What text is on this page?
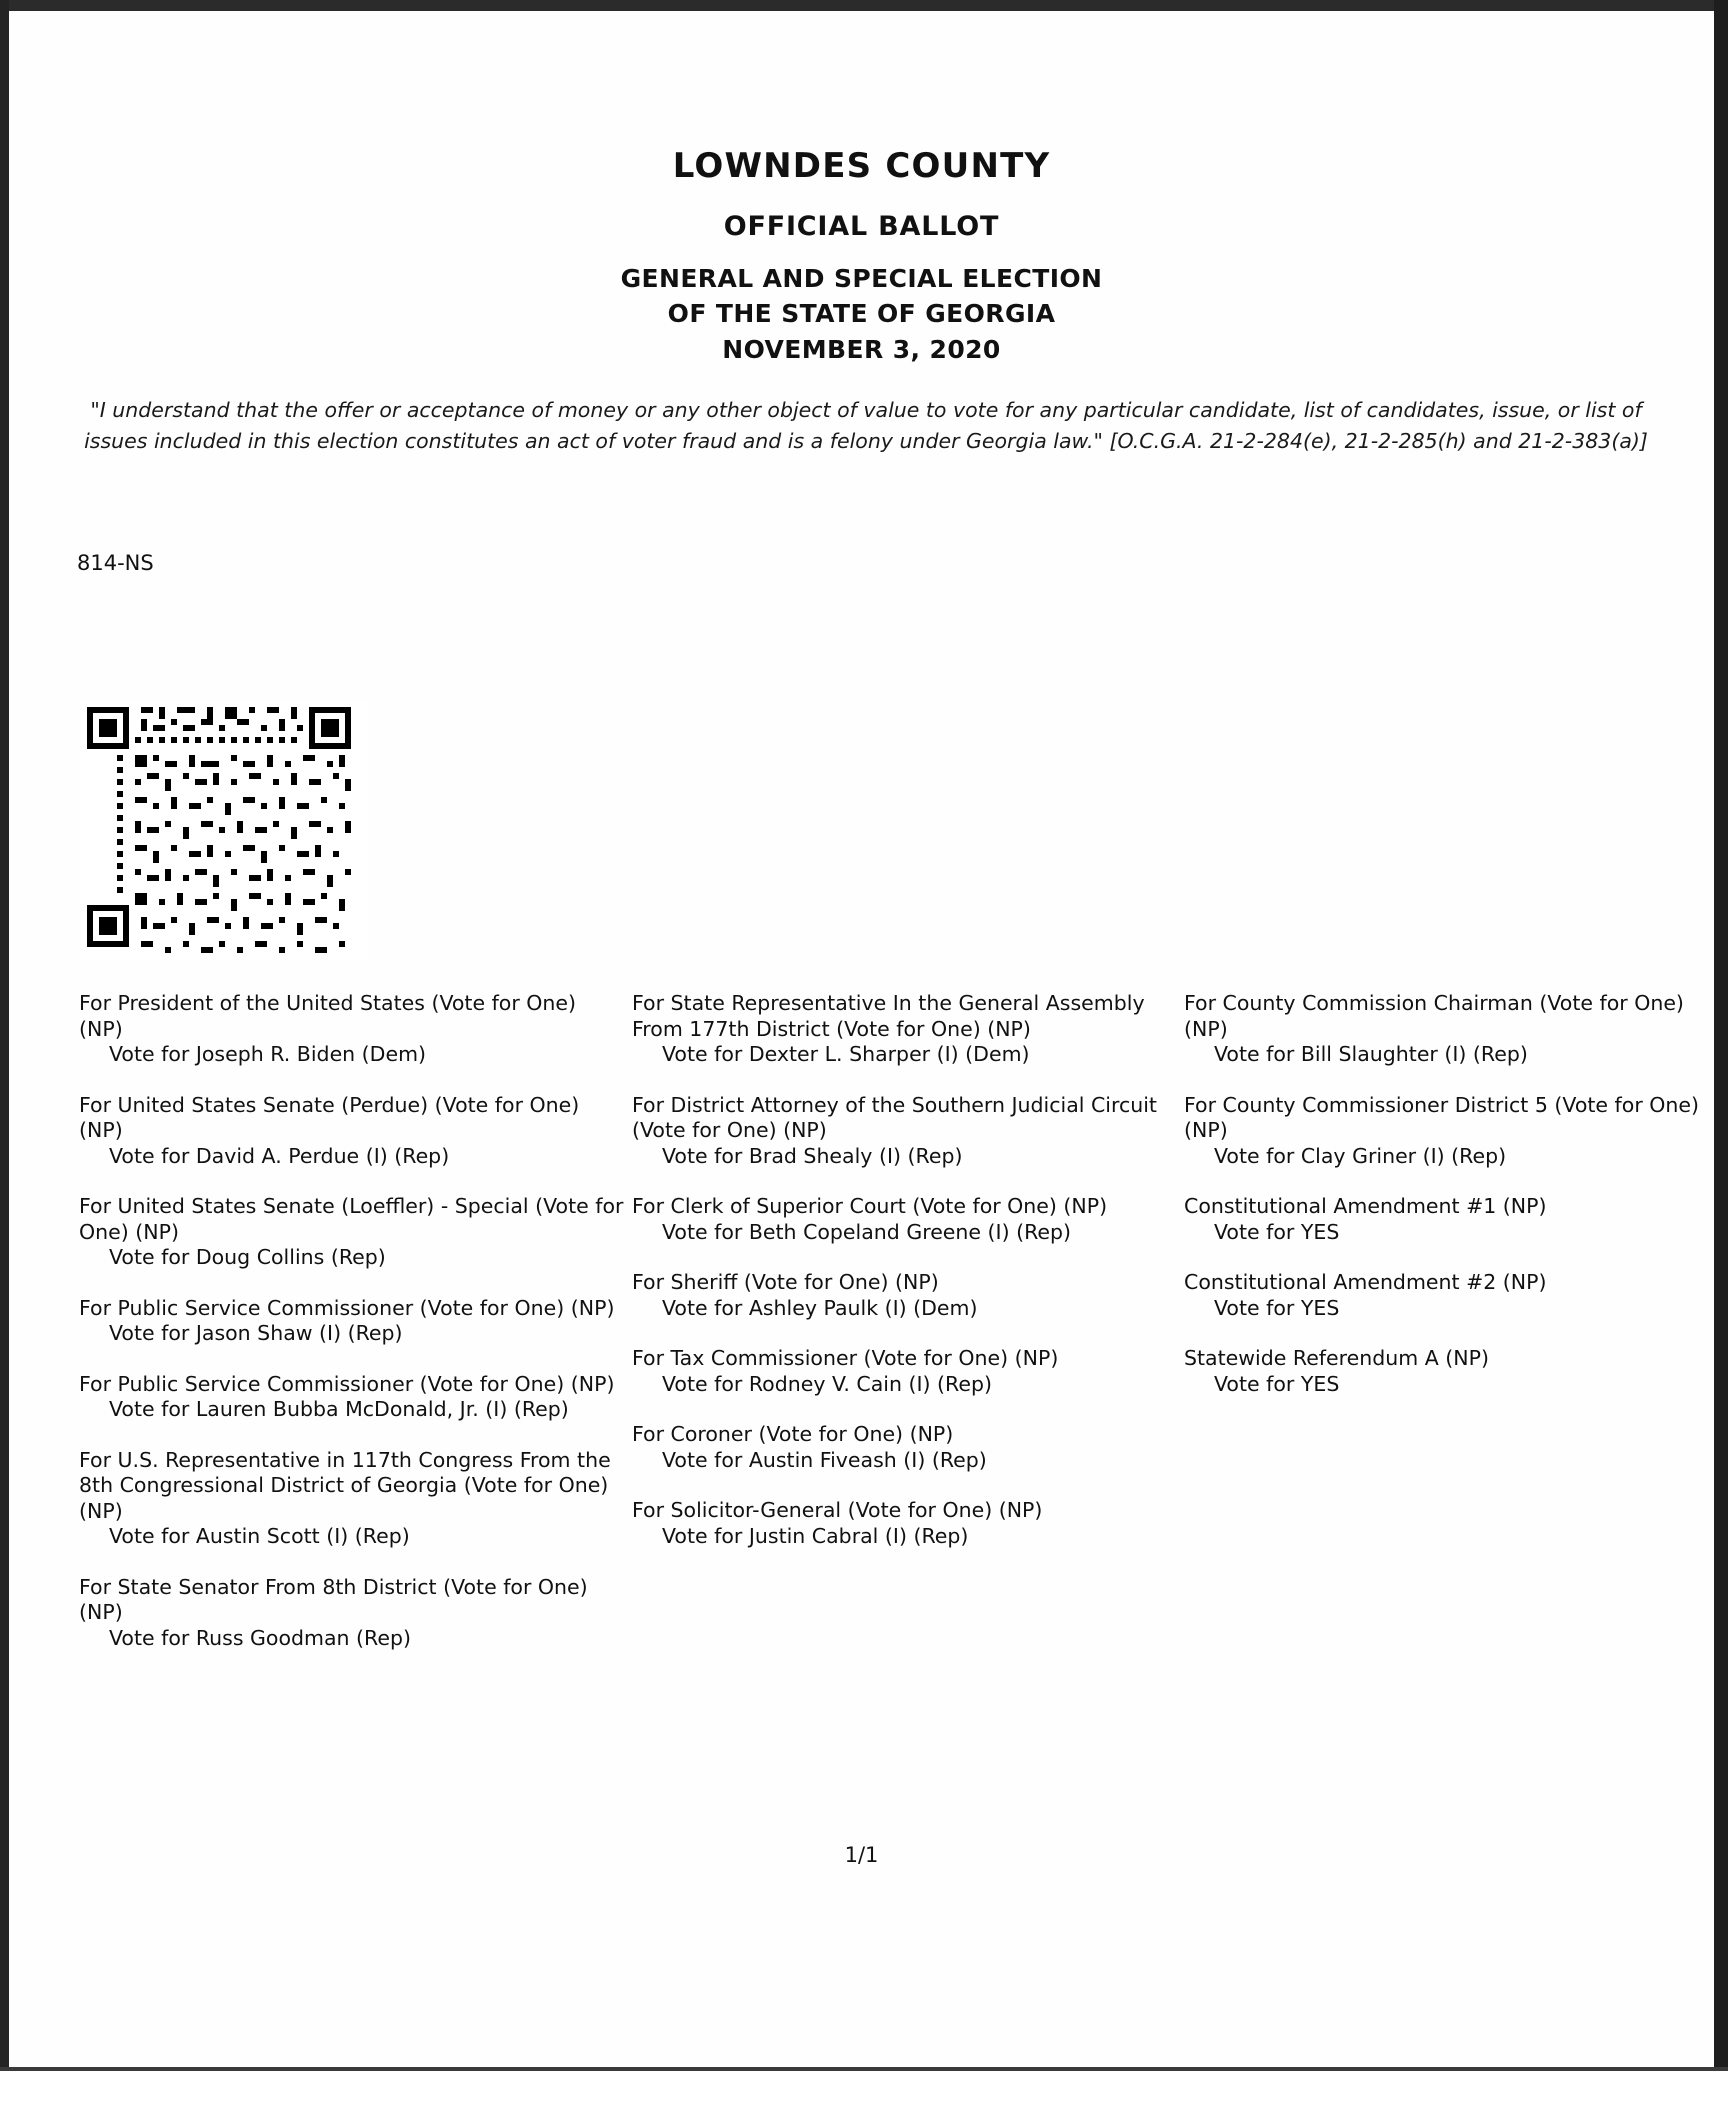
LOWNDES COUNTY
OFFICIAL BALLOT
GENERAL AND SPECIAL ELECTION
OF THE STATE OF GEORGIA
NOVEMBER 3, 2020
"I understand that the offer or acceptance of money or any other object of value to vote for any particular candidate, list of candidates, issue, or list of issues included in this election constitutes an act of voter fraud and is a felony under Georgia law." [O.C.G.A. 21-2-284(e), 21-2-285(h) and 21-2-383(a)]
814-NS
For President of the United States (Vote for One) (NP)
Vote for Joseph R. Biden (Dem)
For United States Senate (Perdue) (Vote for One) (NP)
Vote for David A. Perdue (I) (Rep)
For United States Senate (Loeffler) - Special (Vote for One) (NP)
Vote for Doug Collins (Rep)
For Public Service Commissioner (Vote for One) (NP)
Vote for Jason Shaw (I) (Rep)
For Public Service Commissioner (Vote for One) (NP)
Vote for Lauren Bubba McDonald, Jr. (I) (Rep)
For U.S. Representative in 117th Congress From the 8th Congressional District of Georgia (Vote for One) (NP)
Vote for Austin Scott (I) (Rep)
For State Senator From 8th District (Vote for One) (NP)
Vote for Russ Goodman (Rep)
For State Representative In the General Assembly From 177th District (Vote for One) (NP)
Vote for Dexter L. Sharper (I) (Dem)
For District Attorney of the Southern Judicial Circuit (Vote for One) (NP)
Vote for Brad Shealy (I) (Rep)
For Clerk of Superior Court (Vote for One) (NP)
Vote for Beth Copeland Greene (I) (Rep)
For Sheriff (Vote for One) (NP)
Vote for Ashley Paulk (I) (Dem)
For Tax Commissioner (Vote for One) (NP)
Vote for Rodney V. Cain (I) (Rep)
For Coroner (Vote for One) (NP)
Vote for Austin Fiveash (I) (Rep)
For Solicitor-General (Vote for One) (NP)
Vote for Justin Cabral (I) (Rep)
For County Commission Chairman (Vote for One) (NP)
Vote for Bill Slaughter (I) (Rep)
For County Commissioner District 5 (Vote for One) (NP)
Vote for Clay Griner (I) (Rep)
Constitutional Amendment #1 (NP)
Vote for YES
Constitutional Amendment #2 (NP)
Vote for YES
Statewide Referendum A (NP)
Vote for YES
1/1
